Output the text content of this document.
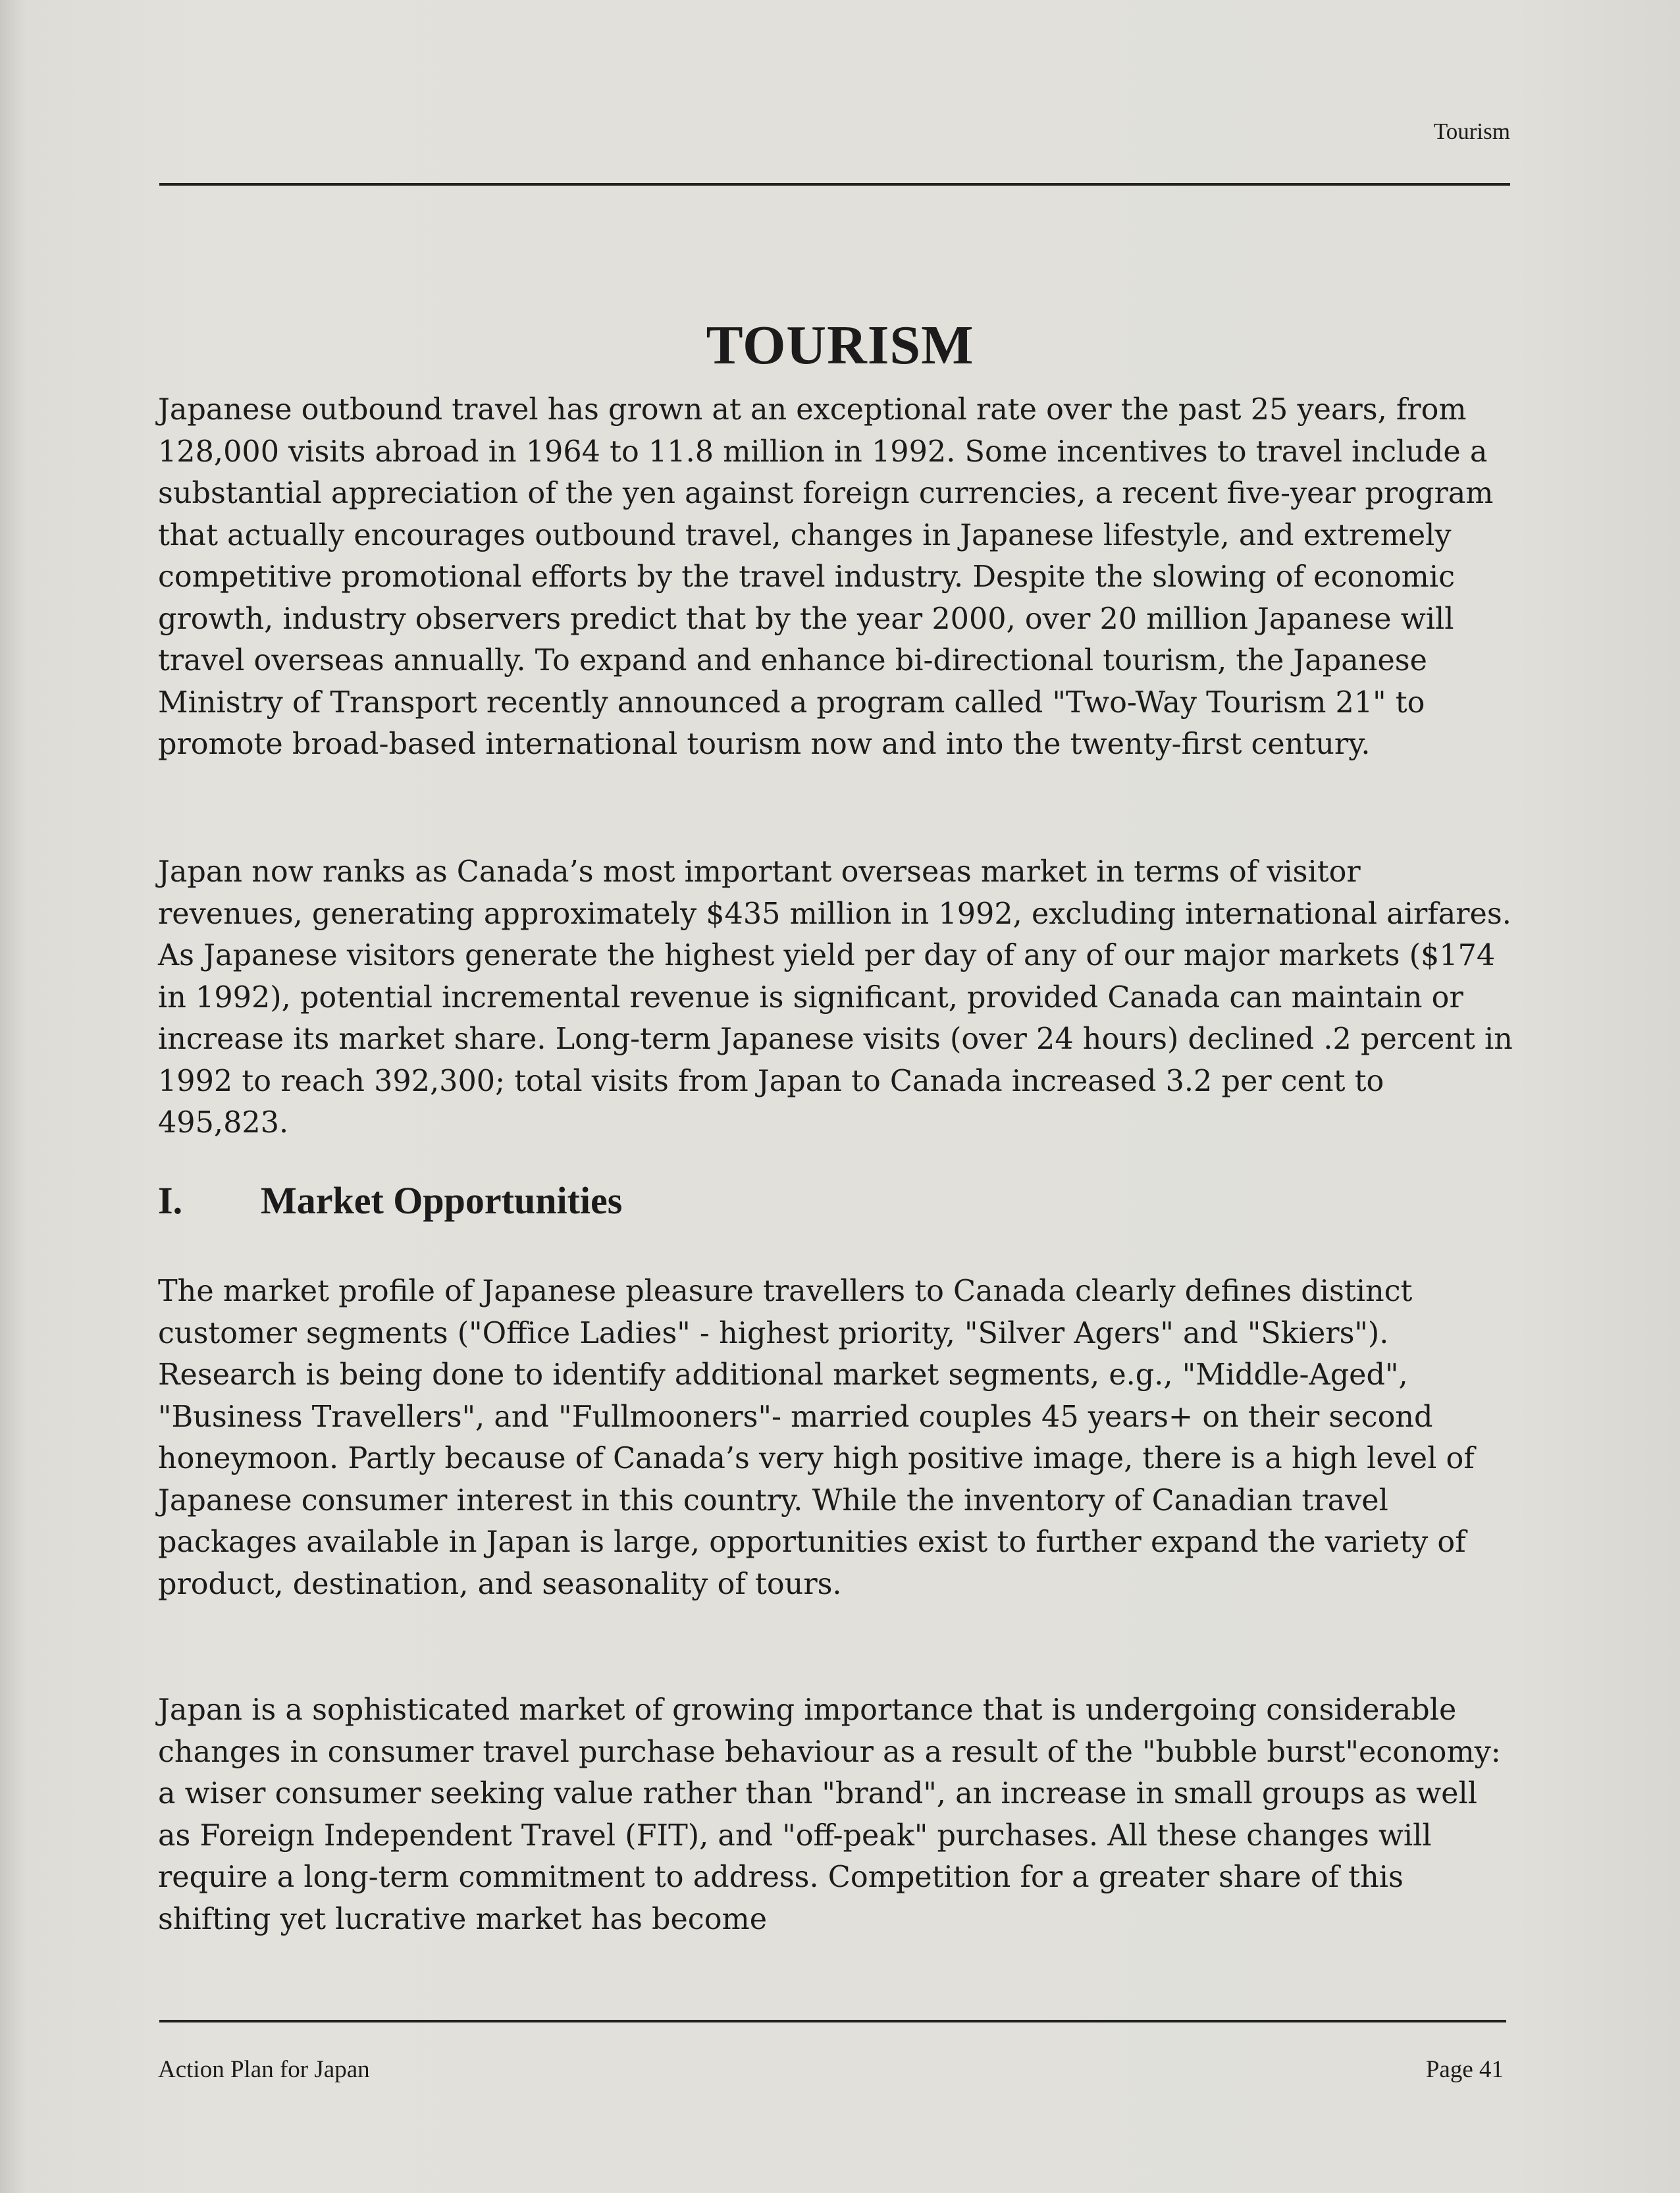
Tourism
TOURISM

Japanese outbound travel has grown at an exceptional rate over the past 25 years, from 128,000 visits abroad in 1964 to 11.8 million in 1992. Some incentives to travel include a substantial appreciation of the yen against foreign currencies, a recent five-year program that actually encourages outbound travel, changes in Japanese lifestyle, and extremely competitive promotional efforts by the travel industry. Despite the slowing of economic growth, industry observers predict that by the year 2000, over 20 million Japanese will travel overseas annually. To expand and enhance bi-directional tourism, the Japanese Ministry of Transport recently announced a program called "Two-Way Tourism 21" to promote broad-based international tourism now and into the twenty-first century.

Japan now ranks as Canada’s most important overseas market in terms of visitor revenues, generating approximately $435 million in 1992, excluding international airfares. As Japanese visitors generate the highest yield per day of any of our major markets ($174 in 1992), potential incremental revenue is significant, provided Canada can maintain or increase its market share. Long-term Japanese visits (over 24 hours) declined .2 percent in 1992 to reach 392,300; total visits from Japan to Canada increased 3.2 per cent to 495,823.

I. Market Opportunities

The market profile of Japanese pleasure travellers to Canada clearly defines distinct customer segments ("Office Ladies" - highest priority, "Silver Agers" and "Skiers"). Research is being done to identify additional market segments, e.g., "Middle-Aged", "Business Travellers", and "Fullmooners"- married couples 45 years+ on their second honeymoon. Partly because of Canada’s very high positive image, there is a high level of Japanese consumer interest in this country. While the inventory of Canadian travel packages available in Japan is large, opportunities exist to further expand the variety of product, destination, and seasonality of tours.

Japan is a sophisticated market of growing importance that is undergoing considerable changes in consumer travel purchase behaviour as a result of the "bubble burst"economy: a wiser consumer seeking value rather than "brand", an increase in small groups as well as Foreign Independent Travel (FIT), and "off-peak" purchases. All these changes will require a long-term commitment to address. Competition for a greater share of this shifting yet lucrative market has become

Action Plan for Japan	Page 41
